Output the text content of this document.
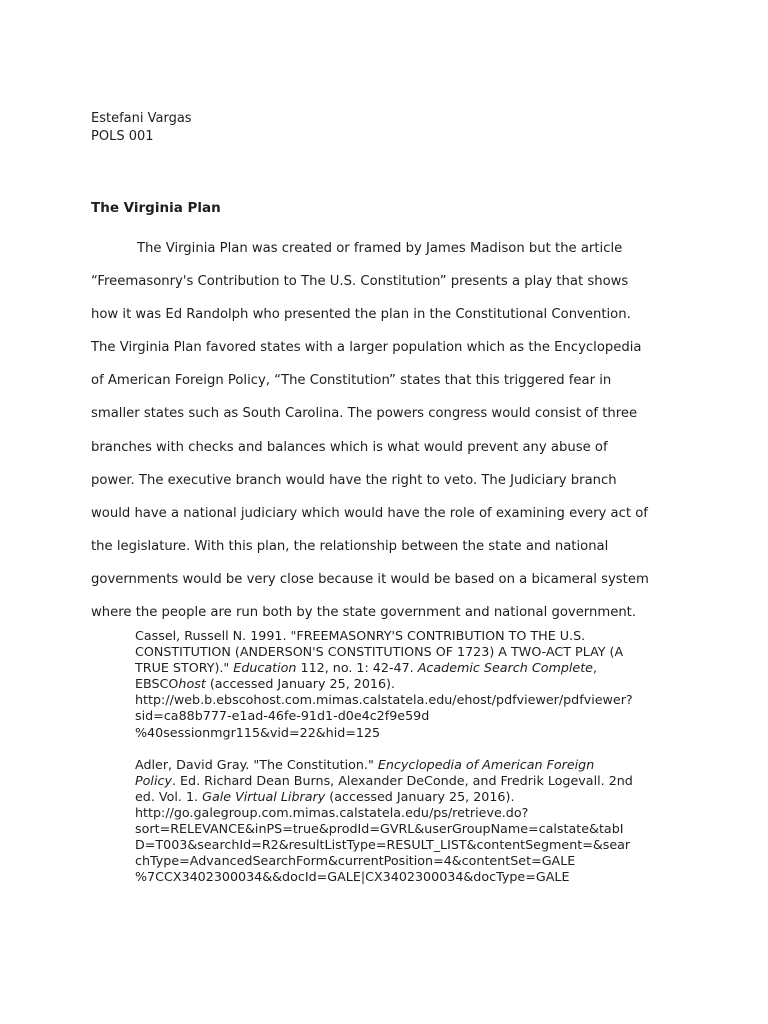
Estefani Vargas
POLS 001
The Virginia Plan
The Virginia Plan was created or framed by James Madison but the article
“Freemasonry's Contribution to The U.S. Constitution” presents a play that shows
how it was Ed Randolph who presented the plan in the Constitutional Convention.
The Virginia Plan favored states with a larger population which as the Encyclopedia
of American Foreign Policy, “The Constitution” states that this triggered fear in
smaller states such as South Carolina. The powers congress would consist of three
branches with checks and balances which is what would prevent any abuse of
power. The executive branch would have the right to veto. The Judiciary branch
would have a national judiciary which would have the role of examining every act of
the legislature. With this plan, the relationship between the state and national
governments would be very close because it would be based on a bicameral system
where the people are run both by the state government and national government.
Cassel, Russell N. 1991. "FREEMASONRY'S CONTRIBUTION TO THE U.S.
CONSTITUTION (ANDERSON'S CONSTITUTIONS OF 1723) A TWO-ACT PLAY (A
TRUE STORY)." Education 112, no. 1: 42-47. Academic Search Complete,
EBSCOhost (accessed January 25, 2016).
http://web.b.ebscohost.com.mimas.calstatela.edu/ehost/pdfviewer/pdfviewer?
sid=ca88b777-e1ad-46fe-91d1-d0e4c2f9e59d
%40sessionmgr115&vid=22&hid=125
Adler, David Gray. "The Constitution." Encyclopedia of American Foreign
Policy. Ed. Richard Dean Burns, Alexander DeConde, and Fredrik Logevall. 2nd
ed. Vol. 1. Gale Virtual Library (accessed January 25, 2016).
http://go.galegroup.com.mimas.calstatela.edu/ps/retrieve.do?
sort=RELEVANCE&inPS=true&prodId=GVRL&userGroupName=calstate&tabI
D=T003&searchId=R2&resultListType=RESULT_LIST&contentSegment=&sear
chType=AdvancedSearchForm&currentPosition=4&contentSet=GALE
%7CCX3402300034&&docId=GALE|CX3402300034&docType=GALE
